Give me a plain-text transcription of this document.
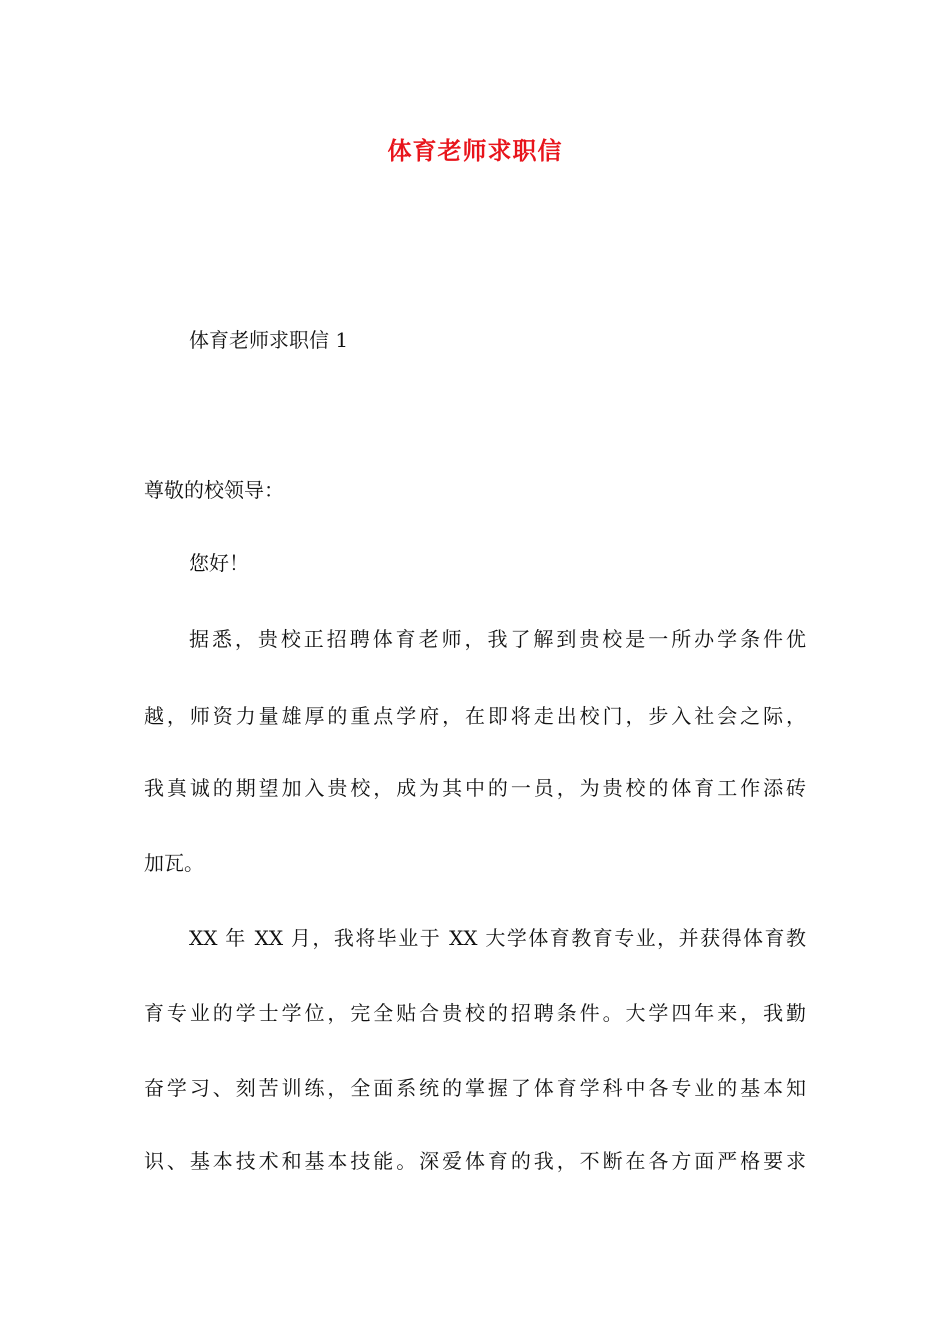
体育老师求职信
体育老师求职信 1
尊敬的校领导：
您好！
据悉，贵校正招聘体育老师，我了解到贵校是一所办学条件优
越，师资力量雄厚的重点学府，在即将走出校门，步入社会之际，
我真诚的期望加入贵校，成为其中的一员，为贵校的体育工作添砖
加瓦。
XX 年 XX 月，我将毕业于 XX 大学体育教育专业，并获得体育教
育专业的学士学位，完全贴合贵校的招聘条件。大学四年来，我勤
奋学习、刻苦训练，全面系统的掌握了体育学科中各专业的基本知
识、基本技术和基本技能。深爱体育的我，不断在各方面严格要求
